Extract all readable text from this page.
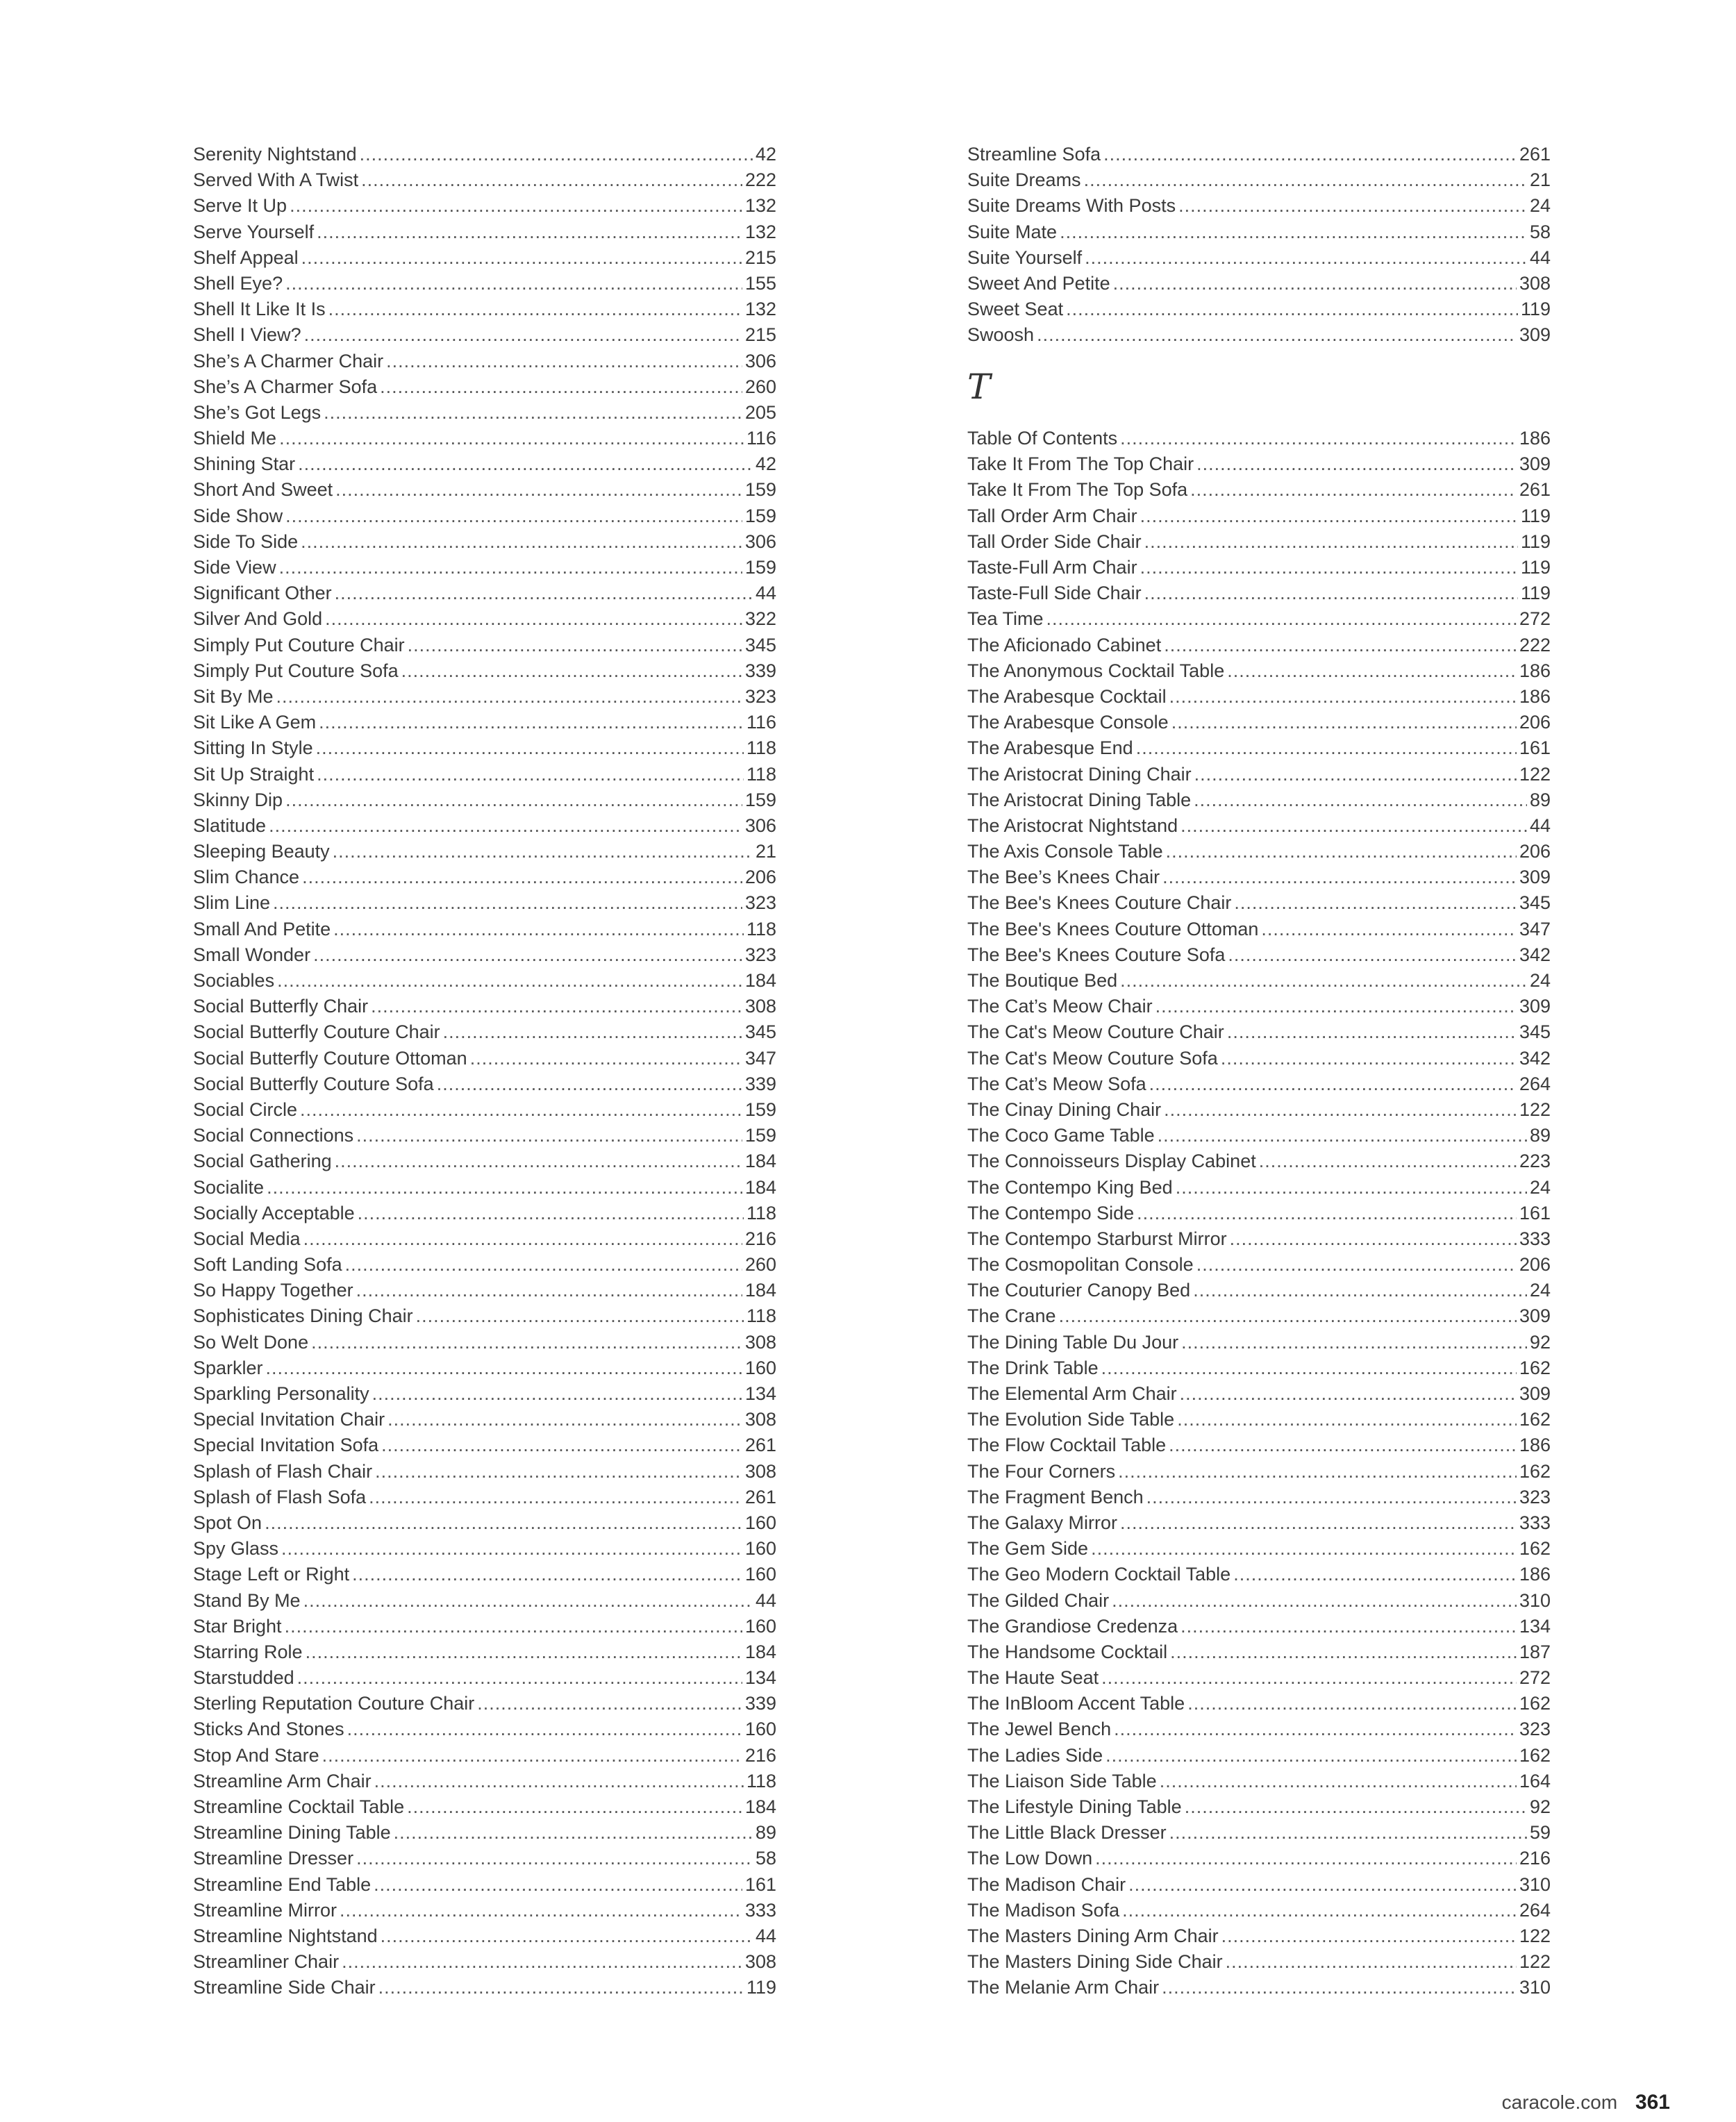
Serenity Nightstand .....	42
Served With A Twist .....	222
Serve It Up .....	132
Serve Yourself .....	132
Shelf Appeal .....	215
Shell Eye? .....	155
Shell It Like It Is .....	132
Shell I View? .....	215
She’s A Charmer Chair .....	306
She’s A Charmer Sofa .....	260
She’s Got Legs .....	205
Shield Me .....	116
Shining Star .....	42
Short And Sweet .....	159
Side Show .....	159
Side To Side .....	306
Side View .....	159
Significant Other .....	44
Silver And Gold .....	322
Simply Put Couture Chair .....	345
Simply Put Couture Sofa .....	339
Sit By Me .....	323
Sit Like A Gem .....	116
Sitting In Style .....	118
Sit Up Straight .....	118
Skinny Dip .....	159
Slatitude .....	306
Sleeping Beauty .....	21
Slim Chance .....	206
Slim Line .....	323
Small And Petite .....	118
Small Wonder .....	323
Sociables .....	184
Social Butterfly Chair .....	308
Social Butterfly Couture Chair .....	345
Social Butterfly Couture Ottoman .....	347
Social Butterfly Couture Sofa .....	339
Social Circle .....	159
Social Connections .....	159
Social Gathering .....	184
Socialite .....	184
Socially Acceptable .....	118
Social Media .....	216
Soft Landing Sofa .....	260
So Happy Together .....	184
Sophisticates Dining Chair .....	118
So Welt Done .....	308
Sparkler .....	160
Sparkling Personality .....	134
Special Invitation Chair .....	308
Special Invitation Sofa .....	261
Splash of Flash Chair .....	308
Splash of Flash Sofa .....	261
Spot On .....	160
Spy Glass .....	160
Stage Left or Right .....	160
Stand By Me .....	44
Star Bright .....	160
Starring Role .....	184
Starstudded .....	134
Sterling Reputation Couture Chair .....	339
Sticks And Stones .....	160
Stop And Stare .....	216
Streamline Arm Chair .....	118
Streamline Cocktail Table .....	184
Streamline Dining Table .....	89
Streamline Dresser .....	58
Streamline End Table .....	161
Streamline Mirror .....	333
Streamline Nightstand .....	44
Streamliner Chair .....	308
Streamline Side Chair .....	119
Streamline Sofa .....	261
Suite Dreams .....	21
Suite Dreams With Posts .....	24
Suite Mate .....	58
Suite Yourself .....	44
Sweet And Petite .....	308
Sweet Seat .....	119
Swoosh .....	309
T
Table Of Contents .....	186
Take It From The Top Chair .....	309
Take It From The Top Sofa .....	261
Tall Order Arm Chair .....	119
Tall Order Side Chair .....	119
Taste-Full Arm Chair .....	119
Taste-Full Side Chair .....	119
Tea Time .....	272
The Aficionado Cabinet .....	222
The Anonymous Cocktail Table .....	186
The Arabesque Cocktail .....	186
The Arabesque Console .....	206
The Arabesque End .....	161
The Aristocrat Dining Chair .....	122
The Aristocrat Dining Table .....	89
The Aristocrat Nightstand .....	44
The Axis Console Table .....	206
The Bee’s Knees Chair .....	309
The Bee's Knees Couture Chair .....	345
The Bee's Knees Couture Ottoman .....	347
The Bee's Knees Couture Sofa .....	342
The Boutique Bed .....	24
The Cat’s Meow Chair .....	309
The Cat's Meow Couture Chair .....	345
The Cat's Meow Couture Sofa .....	342
The Cat’s Meow Sofa .....	264
The Cinay Dining Chair .....	122
The Coco Game Table .....	89
The Connoisseurs Display Cabinet .....	223
The Contempo King Bed .....	24
The Contempo Side .....	161
The Contempo Starburst Mirror .....	333
The Cosmopolitan Console .....	206
The Couturier Canopy Bed .....	24
The Crane .....	309
The Dining Table Du Jour .....	92
The Drink Table .....	162
The Elemental Arm Chair .....	309
The Evolution Side Table .....	162
The Flow Cocktail Table .....	186
The Four Corners .....	162
The Fragment Bench .....	323
The Galaxy Mirror .....	333
The Gem Side .....	162
The Geo Modern Cocktail Table .....	186
The Gilded Chair .....	310
The Grandiose Credenza .....	134
The Handsome Cocktail .....	187
The Haute Seat .....	272
The InBloom Accent Table .....	162
The Jewel Bench .....	323
The Ladies Side .....	162
The Liaison Side Table .....	164
The Lifestyle Dining Table .....	92
The Little Black Dresser .....	59
The Low Down .....	216
The Madison Chair .....	310
The Madison Sofa .....	264
The Masters Dining Arm Chair .....	122
The Masters Dining Side Chair .....	122
The Melanie Arm Chair .....	310
caracole.com 361
